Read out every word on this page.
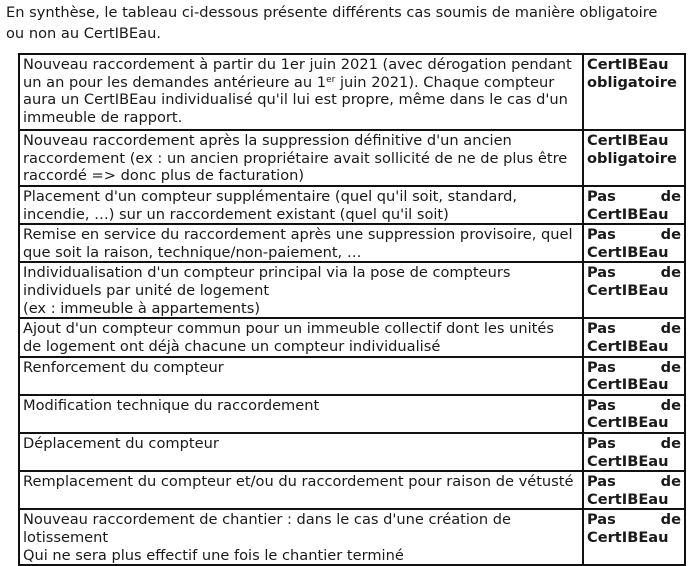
En synthèse, le tableau ci-dessous présente différents cas soumis de manière obligatoire
ou non au CertIBEau.

Nouveau raccordement à partir du 1er juin 2021 (avec dérogation pendant
un an pour les demandes antérieure au 1er juin 2021). Chaque compteur
aura un CertIBEau individualisé qu'il lui est propre, même dans le cas d'un
immeuble de rapport.	CertIBEau
obligatoire

Nouveau raccordement après la suppression définitive d'un ancien
raccordement (ex : un ancien propriétaire avait sollicité de ne de plus être
raccordé => donc plus de facturation)	CertIBEau
obligatoire

Placement d'un compteur supplémentaire (quel qu'il soit, standard,
incendie, …) sur un raccordement existant (quel qu'il soit)	Pas de
CertIBEau

Remise en service du raccordement après une suppression provisoire, quel
que soit la raison, technique/non-paiement, …	Pas de
CertIBEau

Individualisation d'un compteur principal via la pose de compteurs
individuels par unité de logement
(ex : immeuble à appartements)	Pas de
CertIBEau

Ajout d'un compteur commun pour un immeuble collectif dont les unités
de logement ont déjà chacune un compteur individualisé	Pas de
CertIBEau

Renforcement du compteur	Pas de
CertIBEau

Modification technique du raccordement	Pas de
CertIBEau

Déplacement du compteur	Pas de
CertIBEau

Remplacement du compteur et/ou du raccordement pour raison de vétusté	Pas de
CertIBEau

Nouveau raccordement de chantier : dans le cas d'une création de
lotissement
Qui ne sera plus effectif une fois le chantier terminé	Pas de
CertIBEau
